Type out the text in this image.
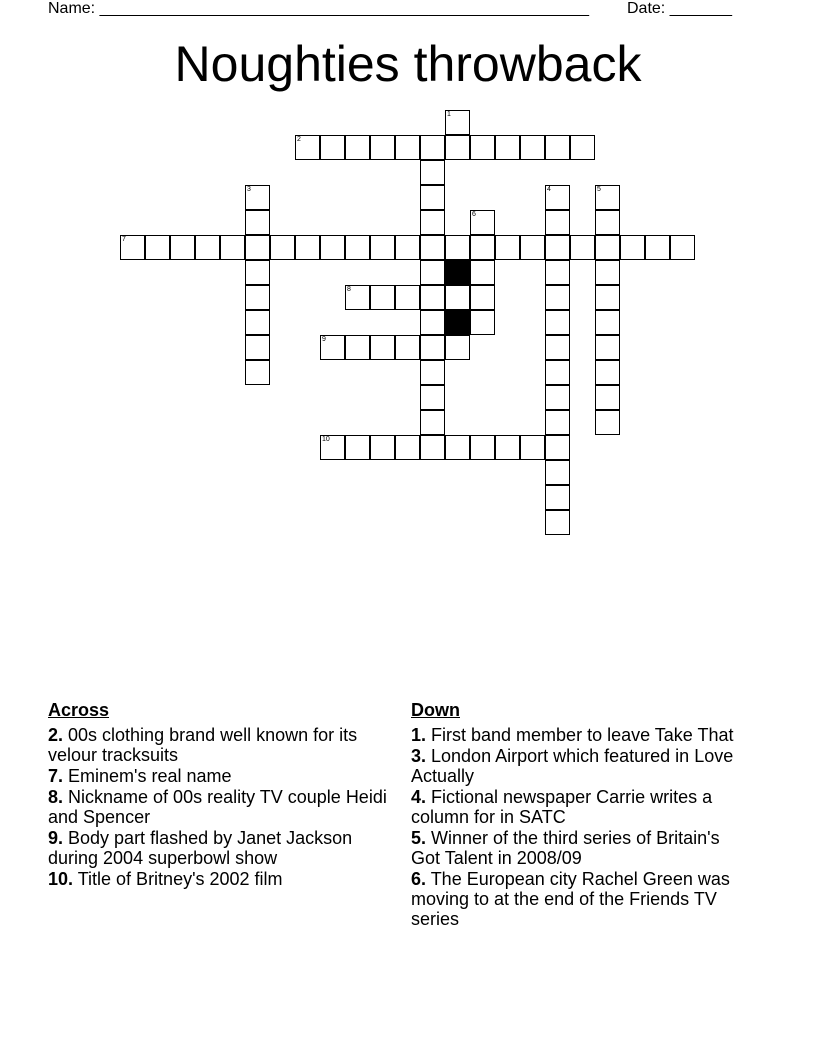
Name: _______________________________________________________ Date: _______
Noughties throwback
1
2
3	4	5
6
7
8
9
10
Across
2. 00s clothing brand well known for its velour tracksuits
7. Eminem's real name
8. Nickname of 00s reality TV couple Heidi and Spencer
9. Body part flashed by Janet Jackson during 2004 superbowl show
10. Title of Britney's 2002 film
Down
1. First band member to leave Take That
3. London Airport which featured in Love Actually
4. Fictional newspaper Carrie writes a column for in SATC
5. Winner of the third series of Britain's Got Talent in 2008/09
6. The European city Rachel Green was moving to at the end of the Friends TV series
